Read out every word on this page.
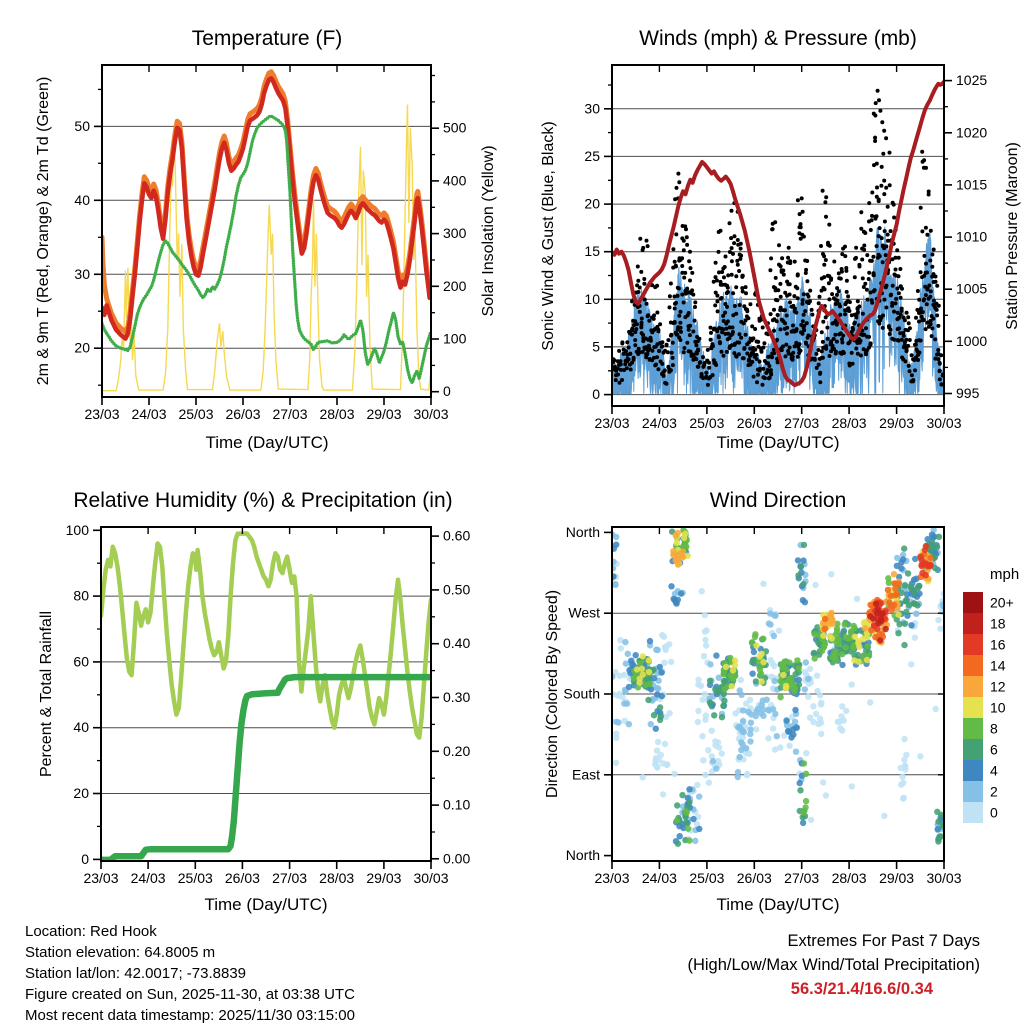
23/03 24/03 25/03 26/03 27/03 28/03 29/03 30/03
20
30
40
50
0
100
200
300
400
500
23/03 24/03 25/03 26/03 27/03 28/03 29/03 30/03
0
5
10
15
20
25
30
995
1000
1005
1010
1015
1020
1025
23/03 24/03 25/03 26/03 27/03 28/03 29/03 30/03
0
20
40
60
80
100
0.00
0.10
0.20
0.30
0.40
0.50
0.60
20+
18
16
14
12
10
8
6
4
2
0
23/03 24/03 25/03 26/03 27/03 28/03 29/03 30/03
North
East
South
West
North
Temperature (F)	Winds (mph) & Pressure (mb)
Relative Humidity (%) & Precipitation (in)	Wind Direction
2m & 9m T (Red, Orange) & 2m Td (Green)	Solar Insolation (Yellow)	Sonic Wind & Gust (Blue, Black)	Station Pressure (Maroon)
Percent & Total Rainfall	Direction (Colored By Speed)
Time (Day/UTC)	Time (Day/UTC)
Time (Day/UTC)	Time (Day/UTC)
mph
Location: Red Hook
Station elevation: 64.8005 m
Station lat/lon: 42.0017; -73.8839
Figure created on Sun, 2025-11-30, at 03:38 UTC
Most recent data timestamp: 2025/11/30 03:15:00
Extremes For Past 7 Days
(High/Low/Max Wind/Total Precipitation)
56.3/21.4/16.6/0.34
